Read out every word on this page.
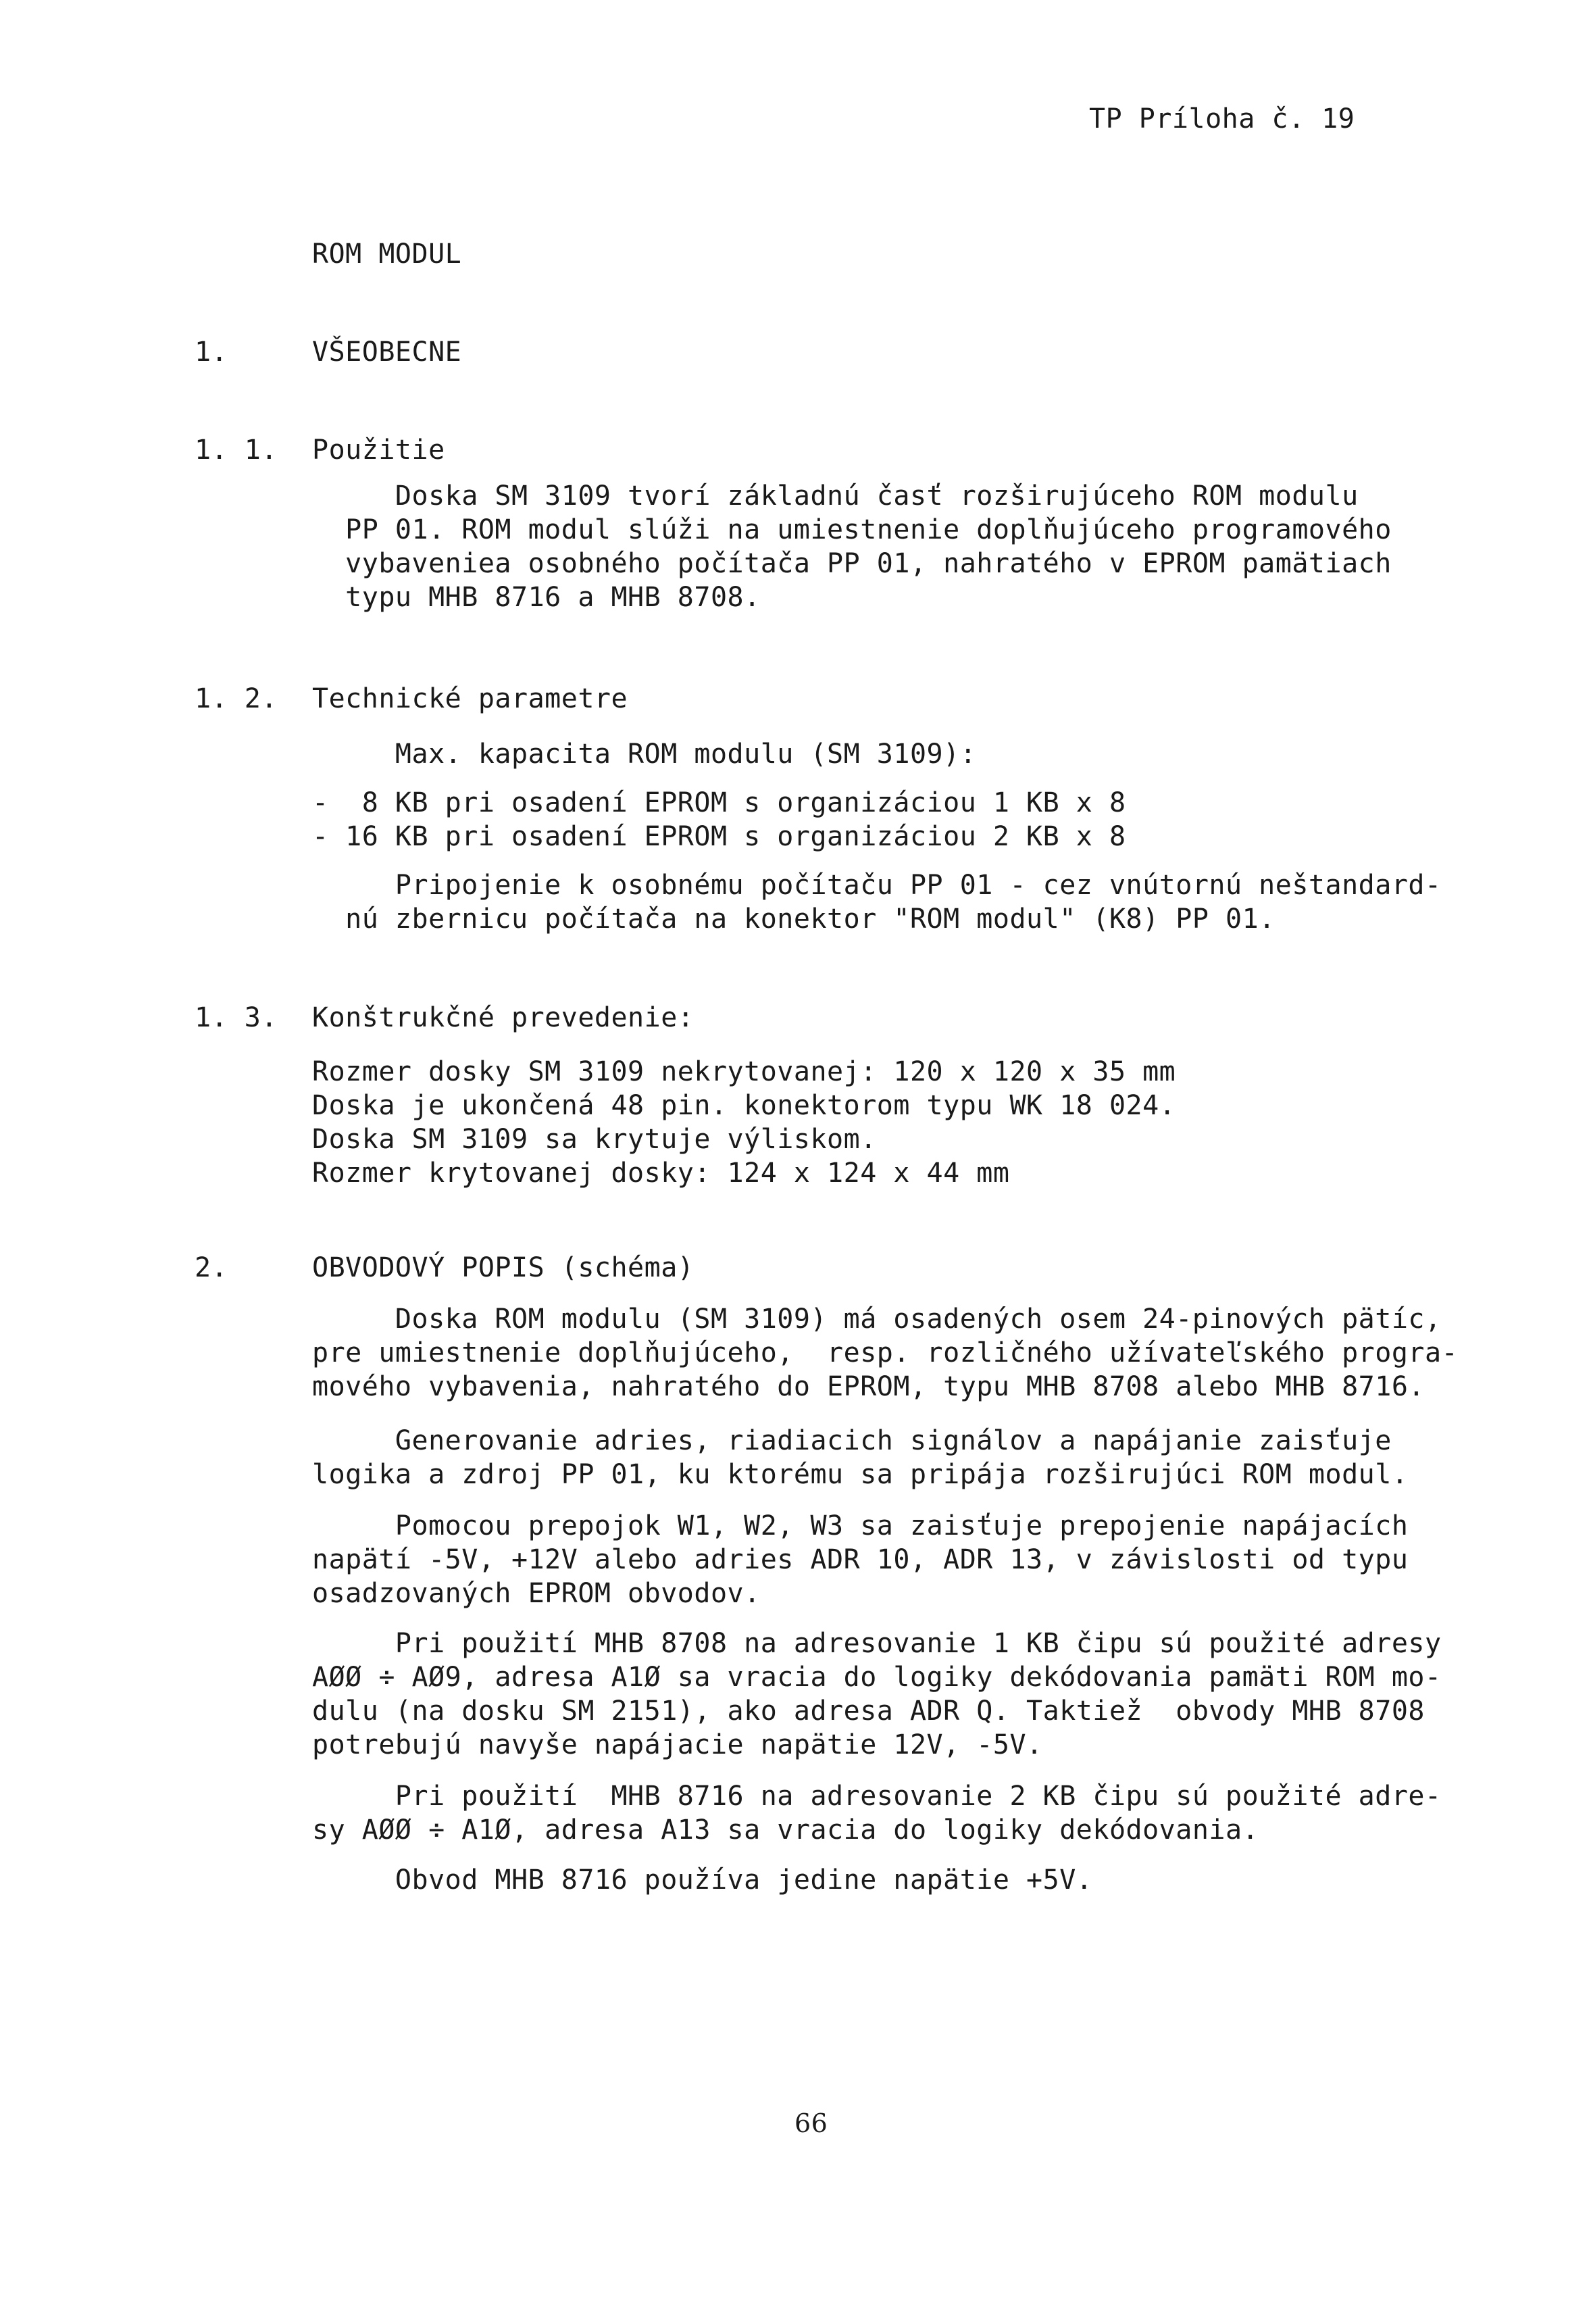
TP Príloha č. 19
ROM MODUL
1.	VŠEOBECNE
1. 1. Použitie
Doska SM 3109 tvorí základnú časť rozširujúceho ROM modulu
PP 01. ROM modul slúži na umiestnenie doplňujúceho programového
vybaveniea osobného počítača PP 01, nahratého v EPROM pamätiach
typu MHB 8716 a MHB 8708.
1. 2. Technické parametre
Max. kapacita ROM modulu (SM 3109):
-  8 KB pri osadení EPROM s organizáciou 1 KB x 8
- 16 KB pri osadení EPROM s organizáciou 2 KB x 8
Pripojenie k osobnému počítaču PP 01 - cez vnútornú neštandard-
nú zbernicu počítača na konektor "ROM modul" (K8) PP 01.
1. 3. Konštrukčné prevedenie:
Rozmer dosky SM 3109 nekrytovanej: 120 x 120 x 35 mm
Doska je ukončená 48 pin. konektorom typu WK 18 024.
Doska SM 3109 sa krytuje výliskom.
Rozmer krytovanej dosky: 124 x 124 x 44 mm
2.	OBVODOVÝ POPIS (schéma)
Doska ROM modulu (SM 3109) má osadených osem 24-pinových pätíc,
pre umiestnenie doplňujúceho,  resp. rozličného užívateľského progra-
mového vybavenia, nahratého do EPROM, typu MHB 8708 alebo MHB 8716.
Generovanie adries, riadiacich signálov a napájanie zaisťuje
logika a zdroj PP 01, ku ktorému sa pripája rozširujúci ROM modul.
Pomocou prepojok W1, W2, W3 sa zaisťuje prepojenie napájacích
napätí -5V, +12V alebo adries ADR 10, ADR 13, v závislosti od typu
osadzovaných EPROM obvodov.
Pri použití MHB 8708 na adresovanie 1 KB čipu sú použité adresy
AØØ ÷ AØ9, adresa A1Ø sa vracia do logiky dekódovania pamäti ROM mo-
dulu (na dosku SM 2151), ako adresa ADR Q. Taktiež  obvody MHB 8708
potrebujú navyše napájacie napätie 12V, -5V.
Pri použití  MHB 8716 na adresovanie 2 KB čipu sú použité adre-
sy AØØ ÷ A1Ø, adresa A13 sa vracia do logiky dekódovania.
Obvod MHB 8716 používa jedine napätie +5V.
66
